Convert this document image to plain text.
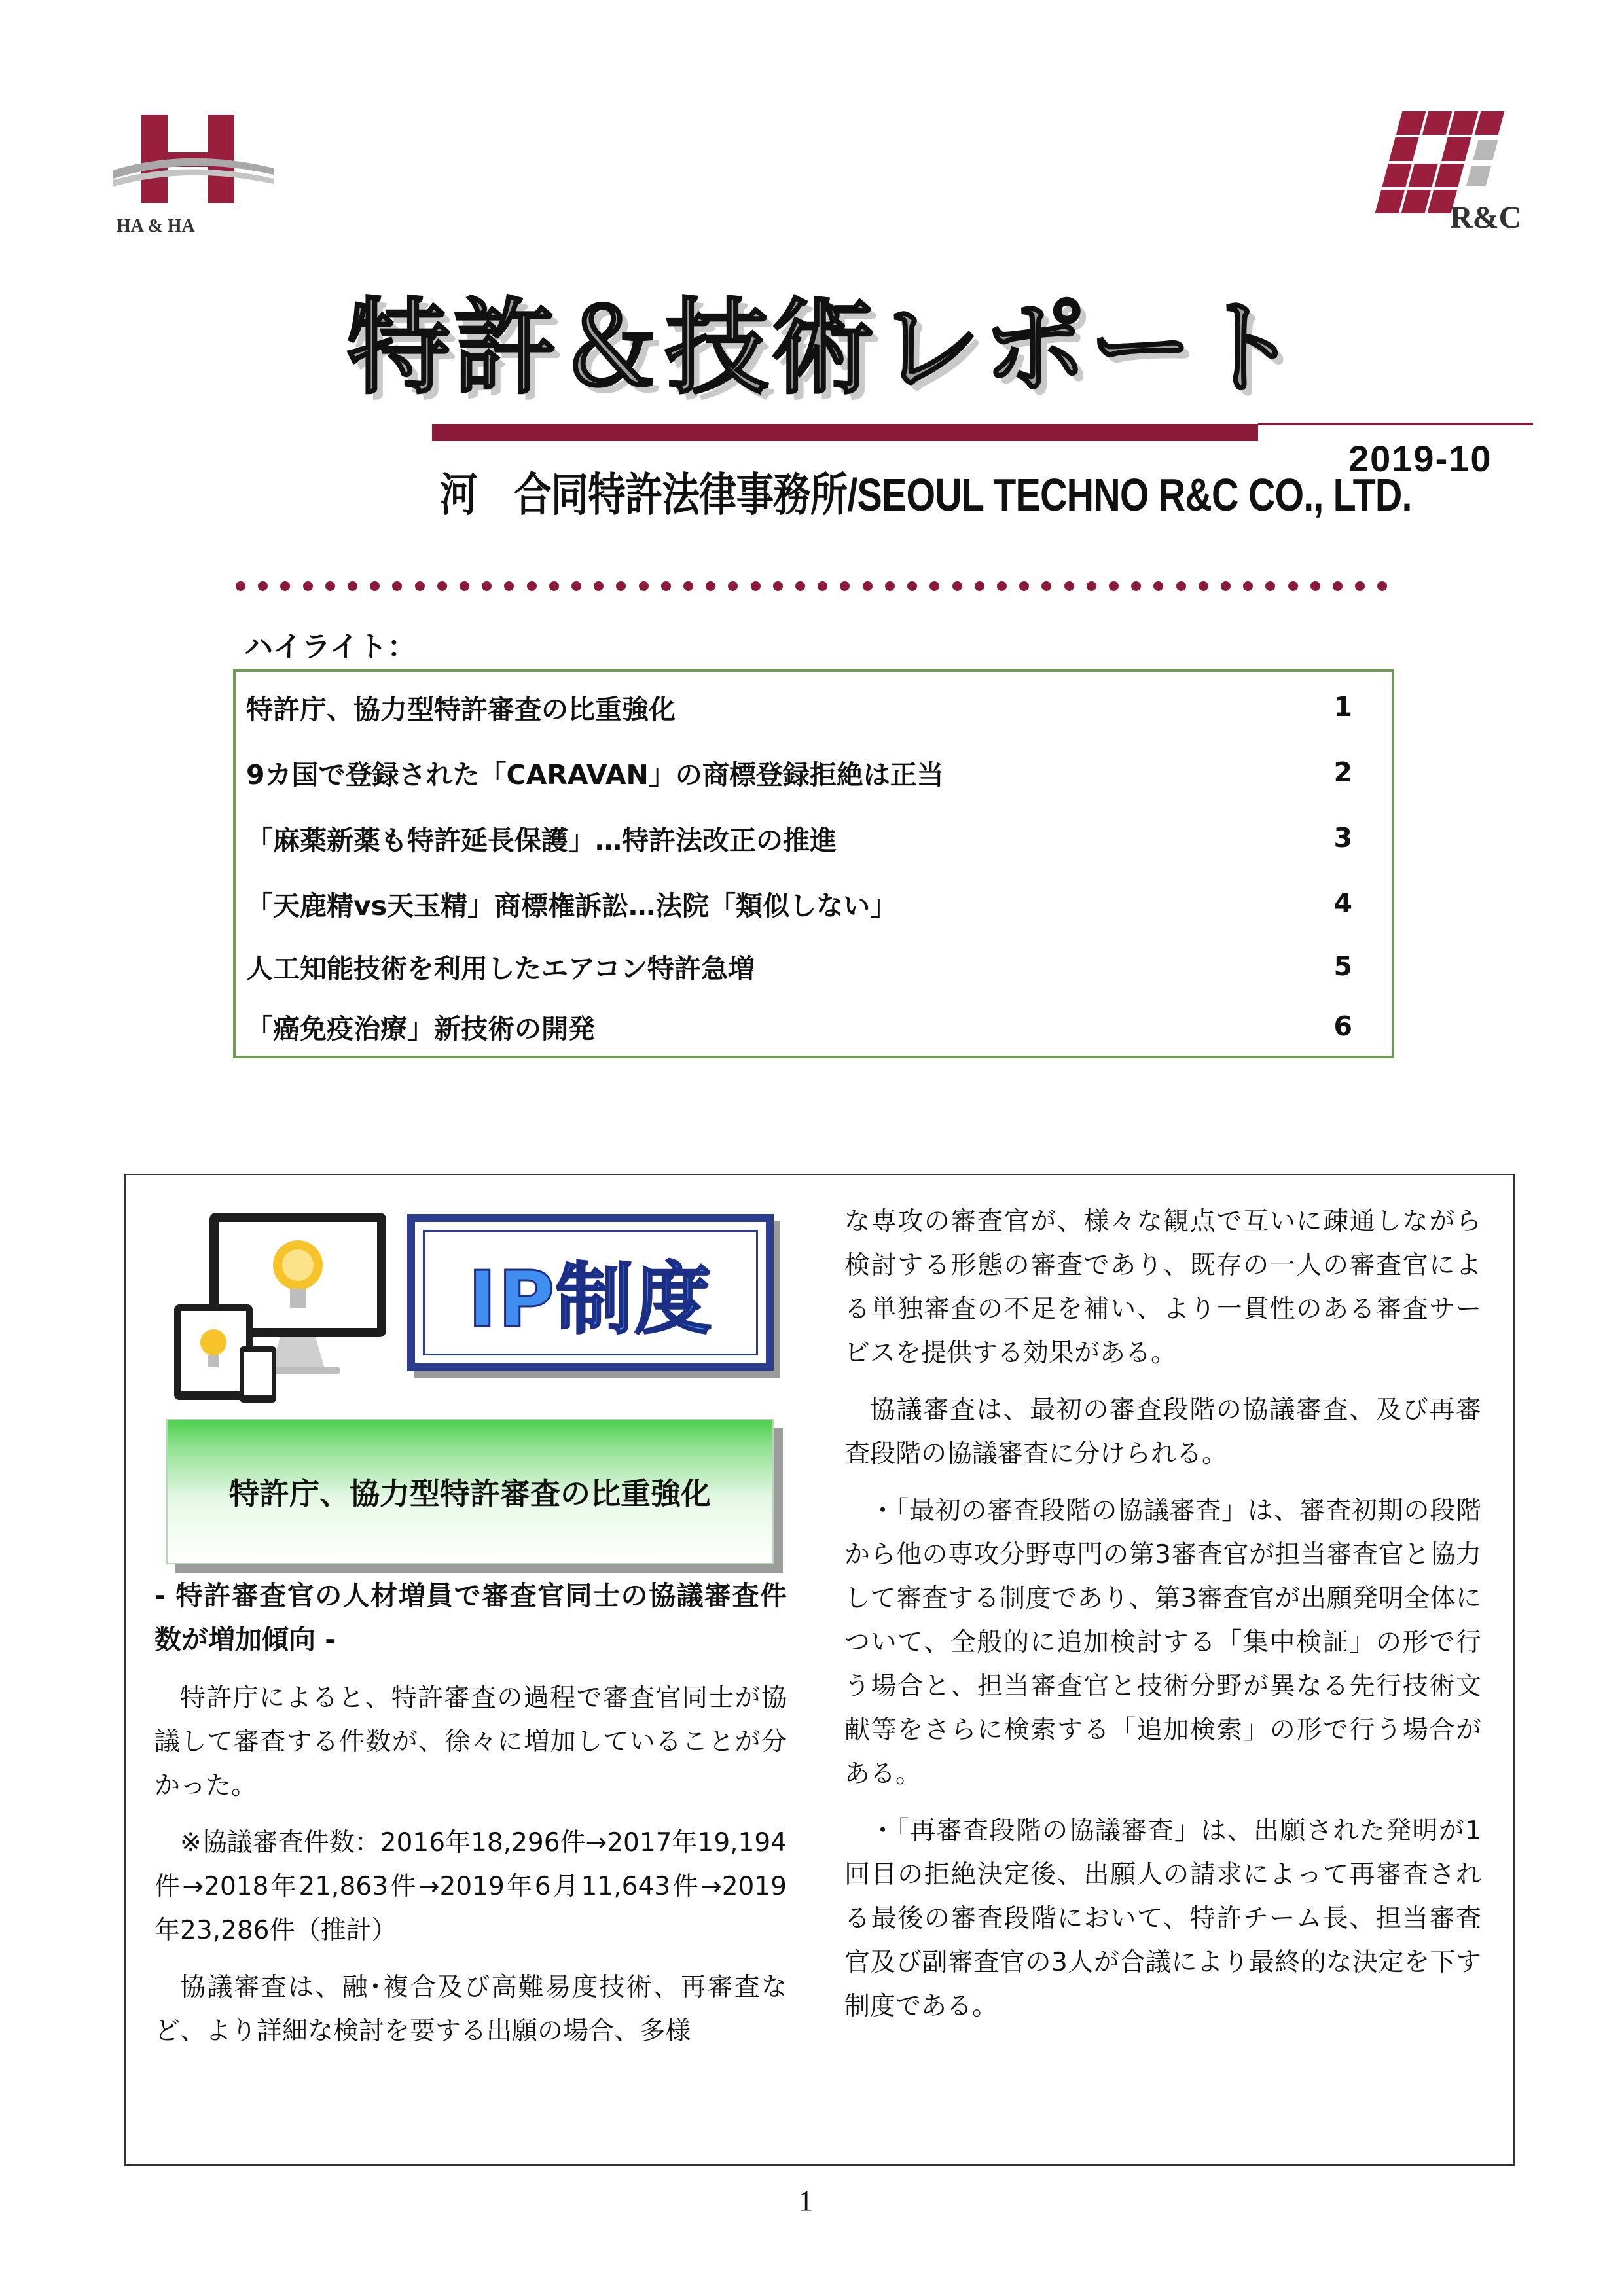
HA & HA	R&C
特許＆技術レポート
河　合同特許法律事務所/SEOUL TECHNO R&C CO., LTD.
2019-10
ハイライト：
特許庁、協力型特許審査の比重強化	1
9カ国で登録された「CARAVAN」の商標登録拒絶は正当	2
「麻薬新薬も特許延長保護」…特許法改正の推進	3
「天鹿精vs天玉精」商標権訴訟…法院「類似しない」	4
人工知能技術を利用したエアコン特許急増	5
「癌免疫治療」新技術の開発	6
IP制度
特許庁、協力型特許審査の比重強化
- 特許審査官の人材増員で審査官同士の協議審査件数が増加傾向 -

特許庁によると、特許審査の過程で審査官同士が協議して審査する件数が、徐々に増加していることが分かった。

※協議審査件数：2016年18,296件→2017年19,194件→2018年21,863件→2019年6月11,643件→2019年23,286件（推計）

協議審査は、融･複合及び高難易度技術、再審査など、より詳細な検討を要する出願の場合、多様

な専攻の審査官が、様々な観点で互いに疎通しながら検討する形態の審査であり、既存の一人の審査官による単独審査の不足を補い、より一貫性のある審査サービスを提供する効果がある。

協議審査は、最初の審査段階の協議審査、及び再審査段階の協議審査に分けられる。

・「最初の審査段階の協議審査」は、審査初期の段階から他の専攻分野専門の第3審査官が担当審査官と協力して審査する制度であり、第3審査官が出願発明全体について、全般的に追加検討する「集中検証」の形で行う場合と、担当審査官と技術分野が異なる先行技術文献等をさらに検索する「追加検索」の形で行う場合がある。

・「再審査段階の協議審査」は、出願された発明が1回目の拒絶決定後、出願人の請求によって再審査される最後の審査段階において、特許チーム長、担当審査官及び副審査官の3人が合議により最終的な決定を下す制度である。

1
